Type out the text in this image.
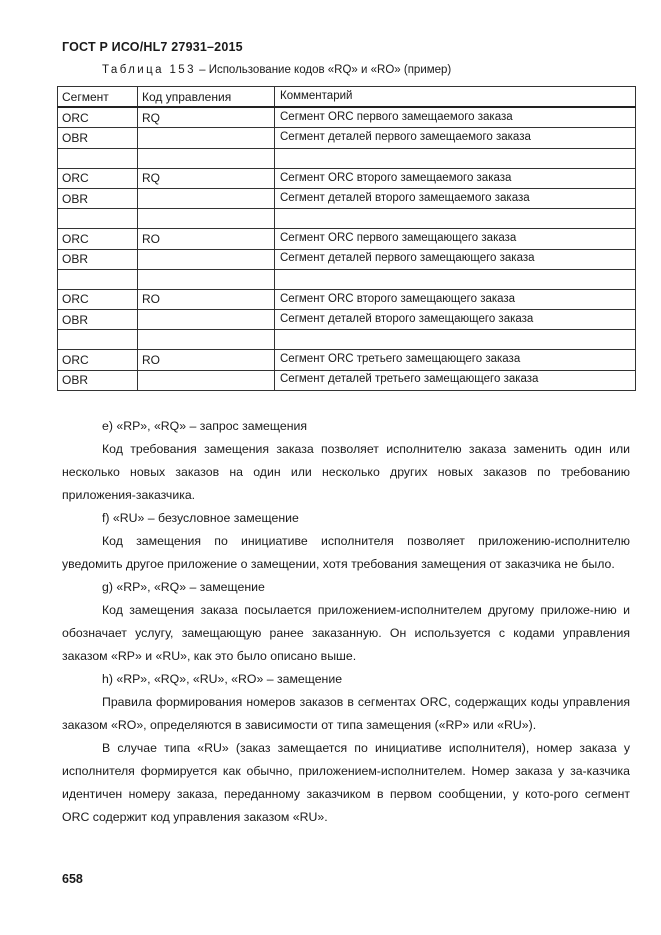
ГОСТ Р ИСО/HL7 27931–2015
Таблица 153 – Использование кодов «RQ» и «RO» (пример)
Сегмент	Код управления	Комментарий
ORC	RQ	Сегмент ORC первого замещаемого заказа
OBR		Сегмент деталей первого замещаемого заказа

ORC	RQ	Сегмент ORC второго замещаемого заказа
OBR		Сегмент деталей второго замещаемого заказа

ORC	RO	Сегмент ORC первого замещающего заказа
OBR		Сегмент деталей первого замещающего заказа

ORC	RO	Сегмент ORC второго замещающего заказа
OBR		Сегмент деталей второго замещающего заказа

ORC	RO	Сегмент ORC третьего замещающего заказа
OBR		Сегмент деталей третьего замещающего заказа

e) «RP», «RQ» – запрос замещения

Код требования замещения заказа позволяет исполнителю заказа заменить один или несколько новых заказов на один или несколько других новых заказов по требованию приложения-заказчика.

f) «RU» – безусловное замещение

Код замещения по инициативе исполнителя позволяет приложению-исполнителю уведомить другое приложение о замещении, хотя требования замещения от заказчика не было.

g) «RP», «RQ» – замещение

Код замещения заказа посылается приложением-исполнителем другому приложе-нию и обозначает услугу, замещающую ранее заказанную. Он используется с кодами управления заказом «RP» и «RU», как это было описано выше.

h) «RP», «RQ», «RU», «RO» – замещение

Правила формирования номеров заказов в сегментах ORC, содержащих коды управления заказом «RO», определяются в зависимости от типа замещения («RP» или «RU»).

В случае типа «RU» (заказ замещается по инициативе исполнителя), номер заказа у исполнителя формируется как обычно, приложением-исполнителем. Номер заказа у за-казчика идентичен номеру заказа, переданному заказчиком в первом сообщении, у кото-рого сегмент ORC содержит код управления заказом «RU».

658
